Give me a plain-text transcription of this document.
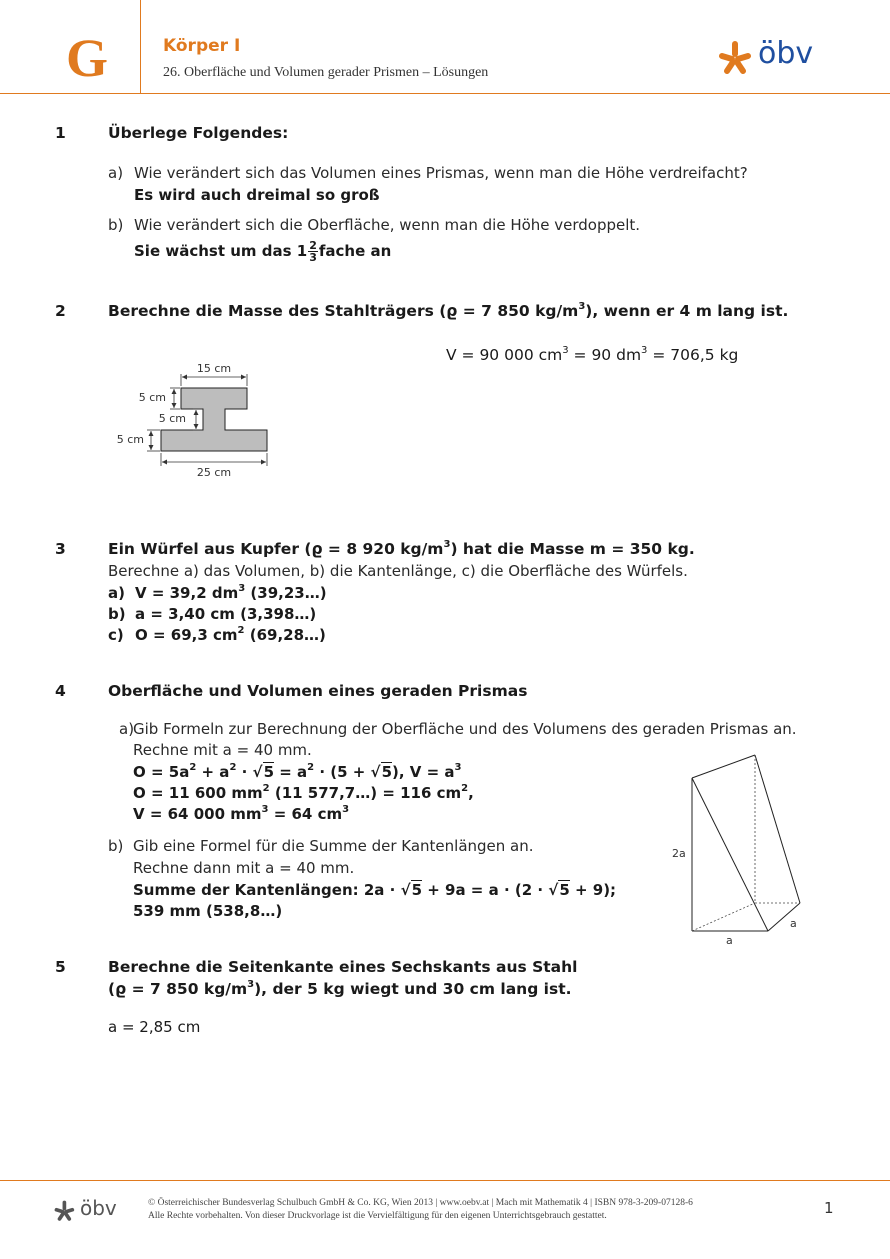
G	Körper I
26. Oberfläche und Volumen gerader Prismen – Lösungen
öbv
1	Überlege Folgendes:
a) Wie verändert sich das Volumen eines Prismas, wenn man die Höhe verdreifacht?
Es wird auch dreimal so groß
b) Wie verändert sich die Oberfläche, wenn man die Höhe verdoppelt.
Sie wächst um das $1 \frac{2}{3}$ fache an
2	Berechne die Masse des Stahlträgers (ϱ = 7 850 $kg/m^3$), wenn er 4 m lang ist.
V = 90 000 $cm^3 = 90$ $dm^3 = 706,5$ kg
15 cm
5 cm
5 cm
5 cm
25 cm
3	Ein Würfel aus Kupfer (ϱ = 8 920 $kg/m^3$) hat die Masse m = 350 kg.
Berechne a) das Volumen, b) die Kantenlänge, c) die Oberfläche des Würfels.
a) V = 39,2 $dm^3$ (39,23…)
b) a = 3,40 cm (3,398…)
c) O = 69,3 $cm^2$ (69,28…)
4	Oberfläche und Volumen eines geraden Prismas
a)
Gib Formeln zur Berechnung der Oberfläche und des Volumens des geraden Prismas an.
Rechne mit a = 40 mm.
$O = 5a^2 + a^2 \cdot √5 = a^2 \cdot (5 + √5)$, $V = a^3$
O = 11 600 $mm^2$ (11 577,7…) = 116 $cm^2$,
V = 64 000 $mm^3 = 64$ $cm^3$
b) Gib eine Formel für die Summe der Kantenlängen an.
Rechne dann mit a = 40 mm.
Summe der Kantenlängen: 2a · √5 + 9a = a · (2 · √5 + 9);
539 mm (538,8…)
2a
a
a
5	Berechne die Seitenkante eines Sechskants aus Stahl
(ϱ = 7 850 $kg/m^3$), der 5 kg wiegt und 30 cm lang ist.
a = 2,85 cm
öbv	© Österreichischer Bundesverlag Schulbuch GmbH & Co. KG, Wien 2013 | www.oebv.at | Mach mit Mathematik 4 | ISBN 978-3-209-07128-6
Alle Rechte vorbehalten. Von dieser Druckvorlage ist die Vervielfältigung für den eigenen Unterrichtsgebrauch gestattet.	1
